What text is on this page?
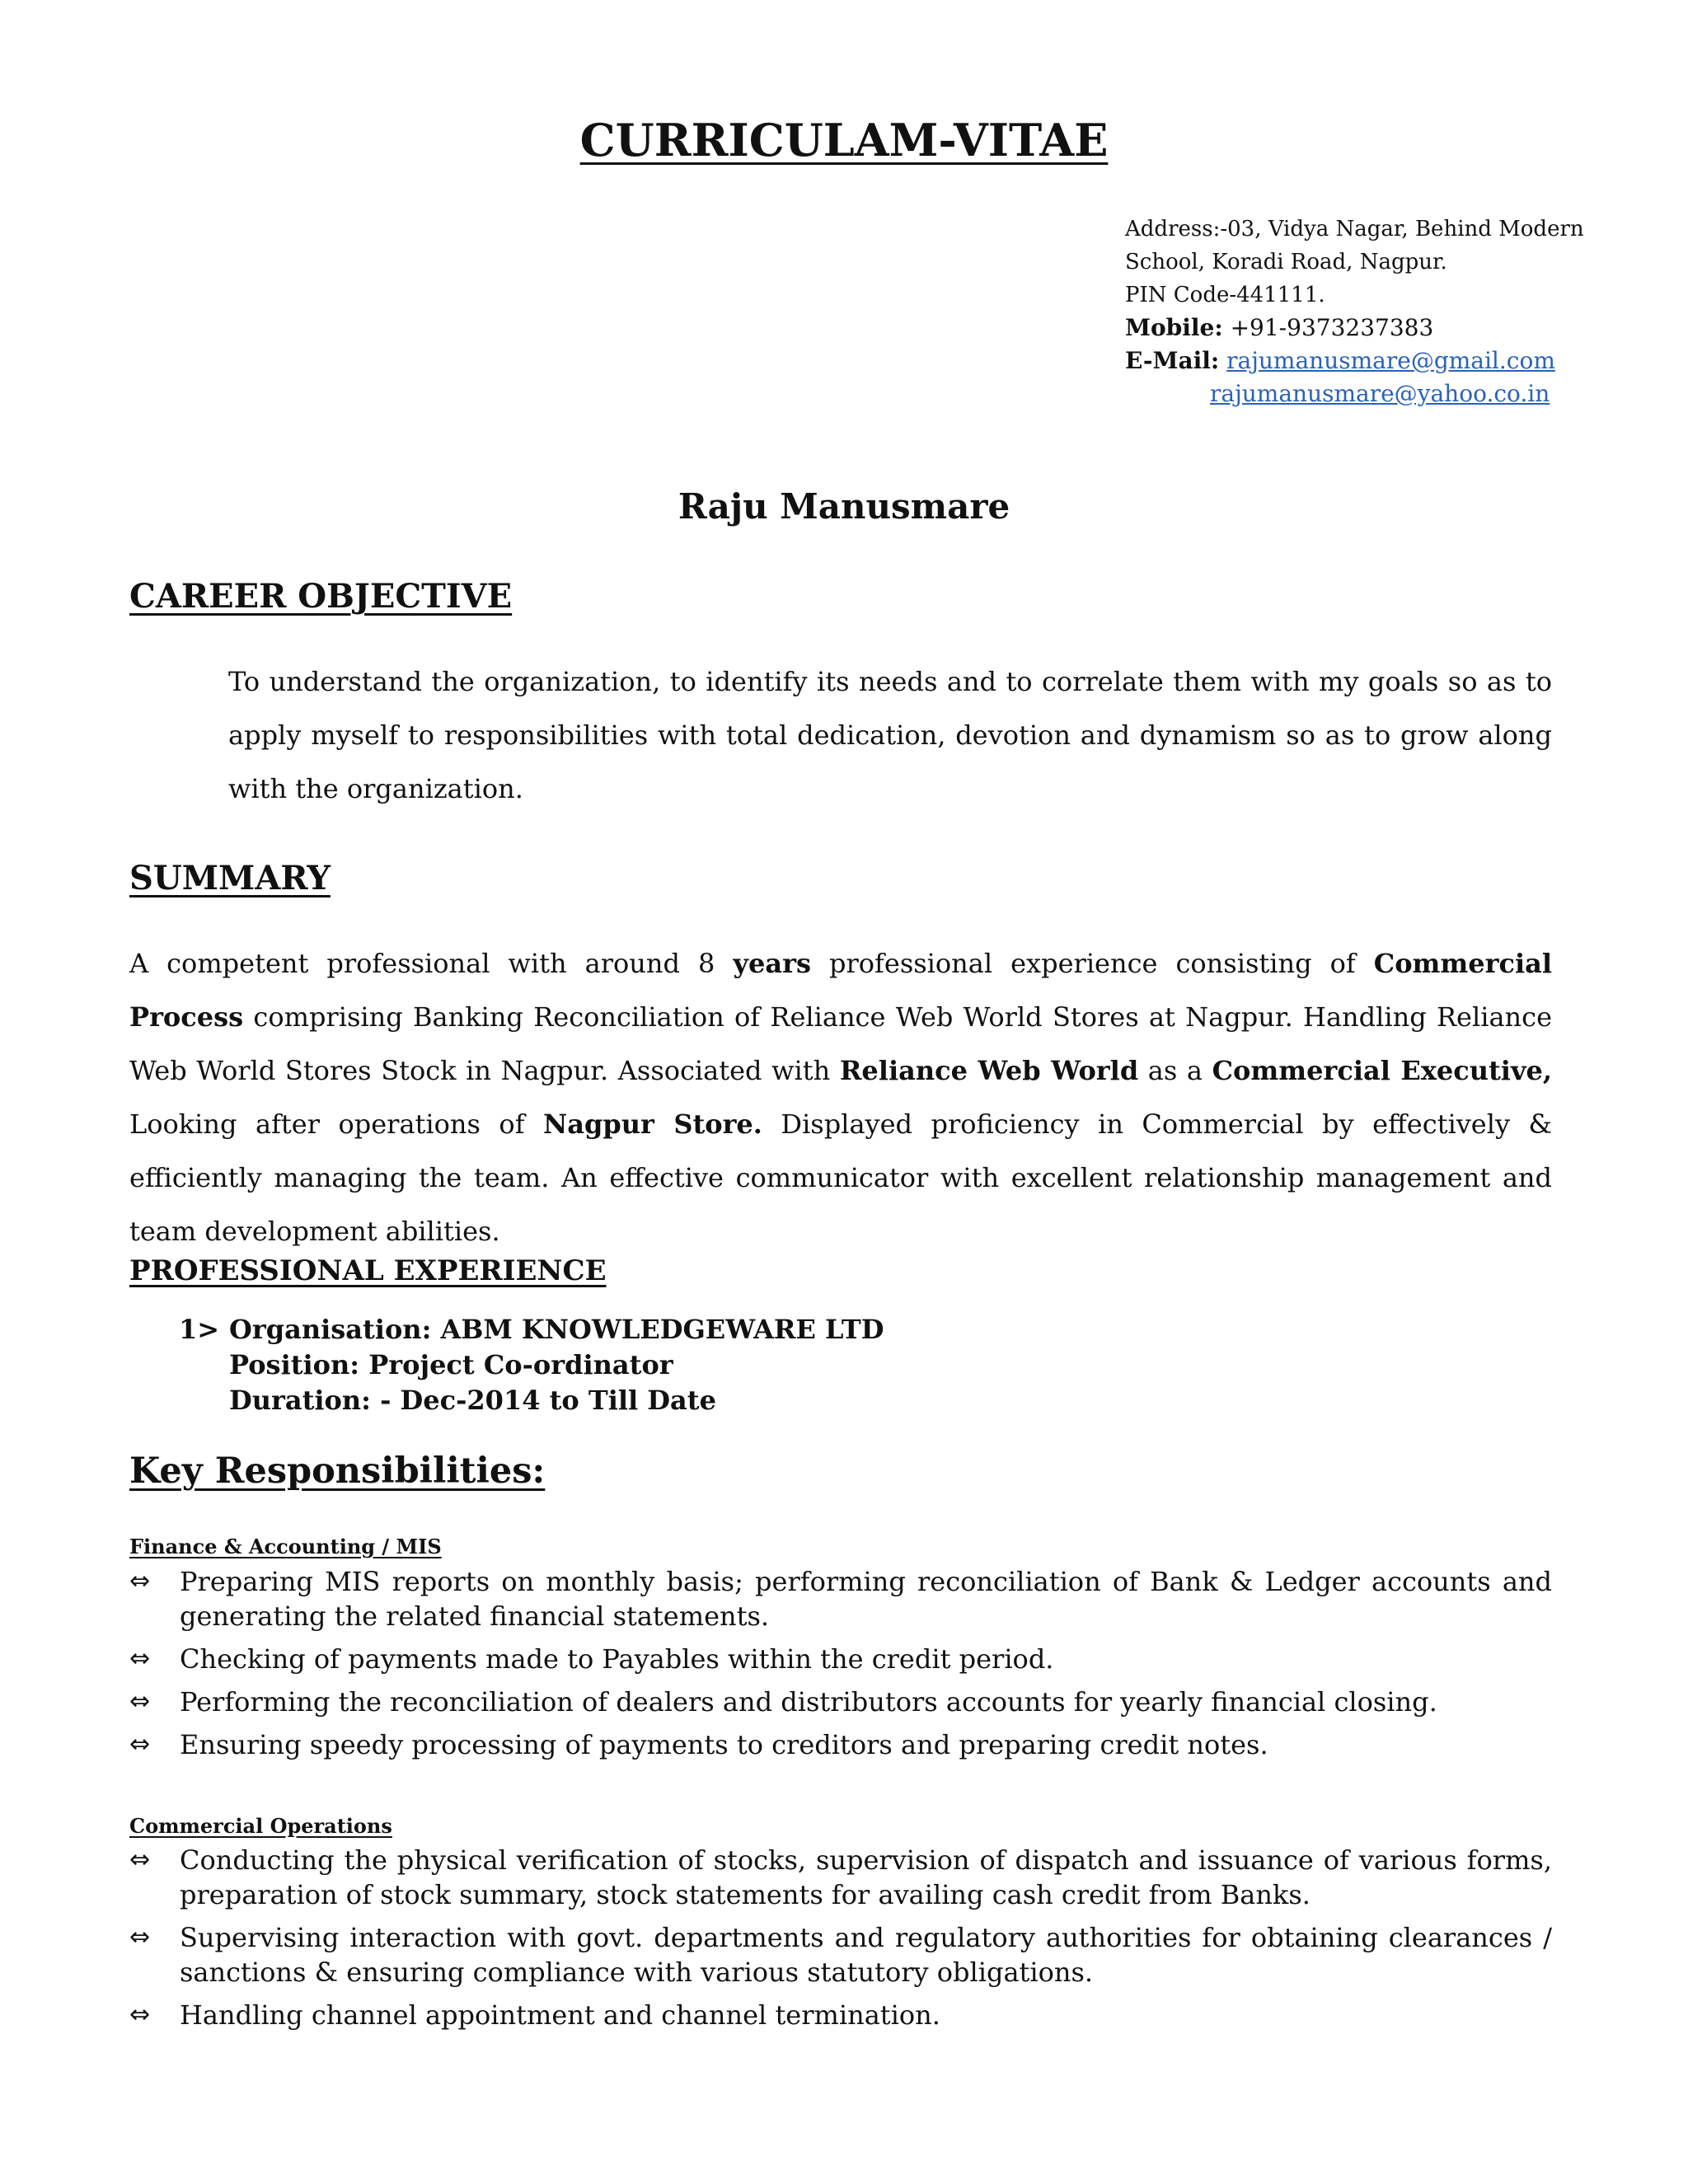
CURRICULAM-VITAE
Address:-03, Vidya Nagar, Behind Modern
School, Koradi Road, Nagpur.
PIN Code-441111.
Mobile: +91-9373237383
E-Mail: rajumanusmare@gmail.com
rajumanusmare@yahoo.co.in
Raju Manusmare
CAREER OBJECTIVE
To understand the organization, to identify its needs and to correlate them with my goals so as to apply myself to responsibilities with total dedication, devotion and dynamism so as to grow along with the organization.
SUMMARY
A competent professional with around 8 years professional experience consisting of Commercial Process comprising Banking Reconciliation of Reliance Web World Stores at Nagpur. Handling Reliance Web World Stores Stock in Nagpur. Associated with Reliance Web World as a Commercial Executive, Looking after operations of Nagpur Store. Displayed proficiency in Commercial by effectively & efficiently managing the team. An effective communicator with excellent relationship management and team development abilities.
PROFESSIONAL EXPERIENCE
1> Organisation: ABM KNOWLEDGEWARE LTD
Position: Project Co-ordinator
Duration: - Dec-2014 to Till Date
Key Responsibilities:
Finance & Accounting / MIS
⇔ Preparing MIS reports on monthly basis; performing reconciliation of Bank & Ledger accounts and generating the related financial statements.
⇔ Checking of payments made to Payables within the credit period.
⇔ Performing the reconciliation of dealers and distributors accounts for yearly financial closing.
⇔ Ensuring speedy processing of payments to creditors and preparing credit notes.
Commercial Operations
⇔ Conducting the physical verification of stocks, supervision of dispatch and issuance of various forms, preparation of stock summary, stock statements for availing cash credit from Banks.
⇔ Supervising interaction with govt. departments and regulatory authorities for obtaining clearances / sanctions & ensuring compliance with various statutory obligations.
⇔ Handling channel appointment and channel termination.
